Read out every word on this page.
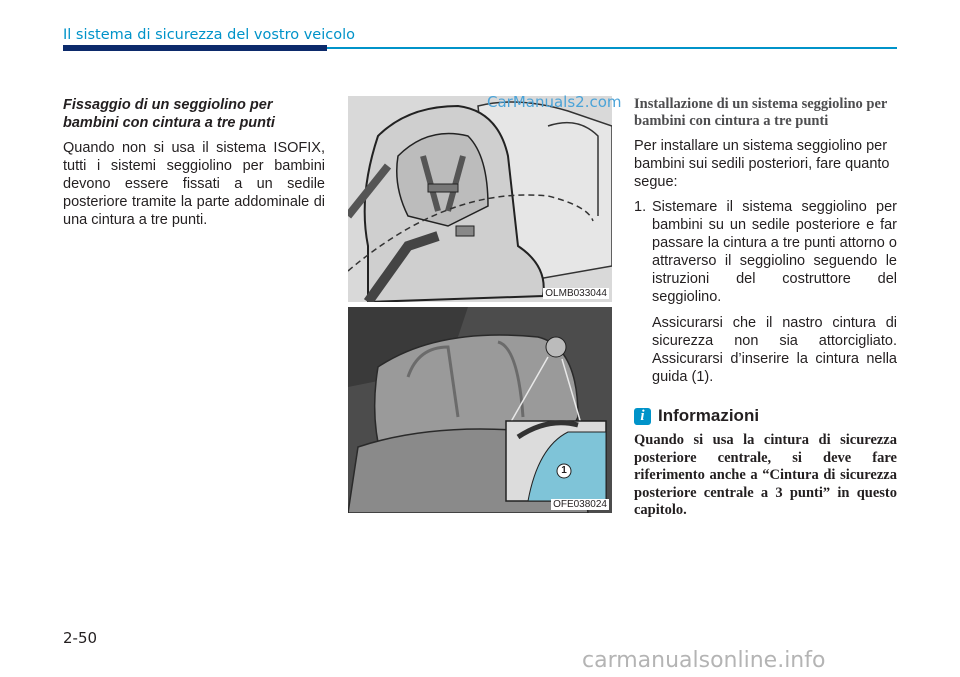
Il sistema di sicurezza del vostro veicolo

Fissaggio di un seggiolino per bambini con cintura a tre punti

Quando non si usa il sistema ISOFIX, tutti i sistemi seggiolino per bambini devono essere fissati a un sedile posteriore tramite la parte addominale di una cintura a tre punti.

OLMB033044
CarManuals2.com
1
OFE038024

Installazione di un sistema seggiolino per bambini con cintura a tre punti

Per installare un sistema seggiolino per bambini sui sedili posteriori, fare quanto segue:

1. Sistemare il sistema seggiolino per bambini su un sedile posteriore e far passare la cintura a tre punti attorno o attraverso il seggiolino seguendo le istruzioni del costruttore del seggiolino.

Assicurarsi che il nastro cintura di sicurezza non sia attorcigliato. Assicurarsi d’inserire la cintura nella guida (1).

i Informazioni
Quando si usa la cintura di sicurezza posteriore centrale, si deve fare riferimento anche a “Cintura di sicurezza posteriore centrale a 3 punti” in questo capitolo.
2-50
carmanualsonline.info
